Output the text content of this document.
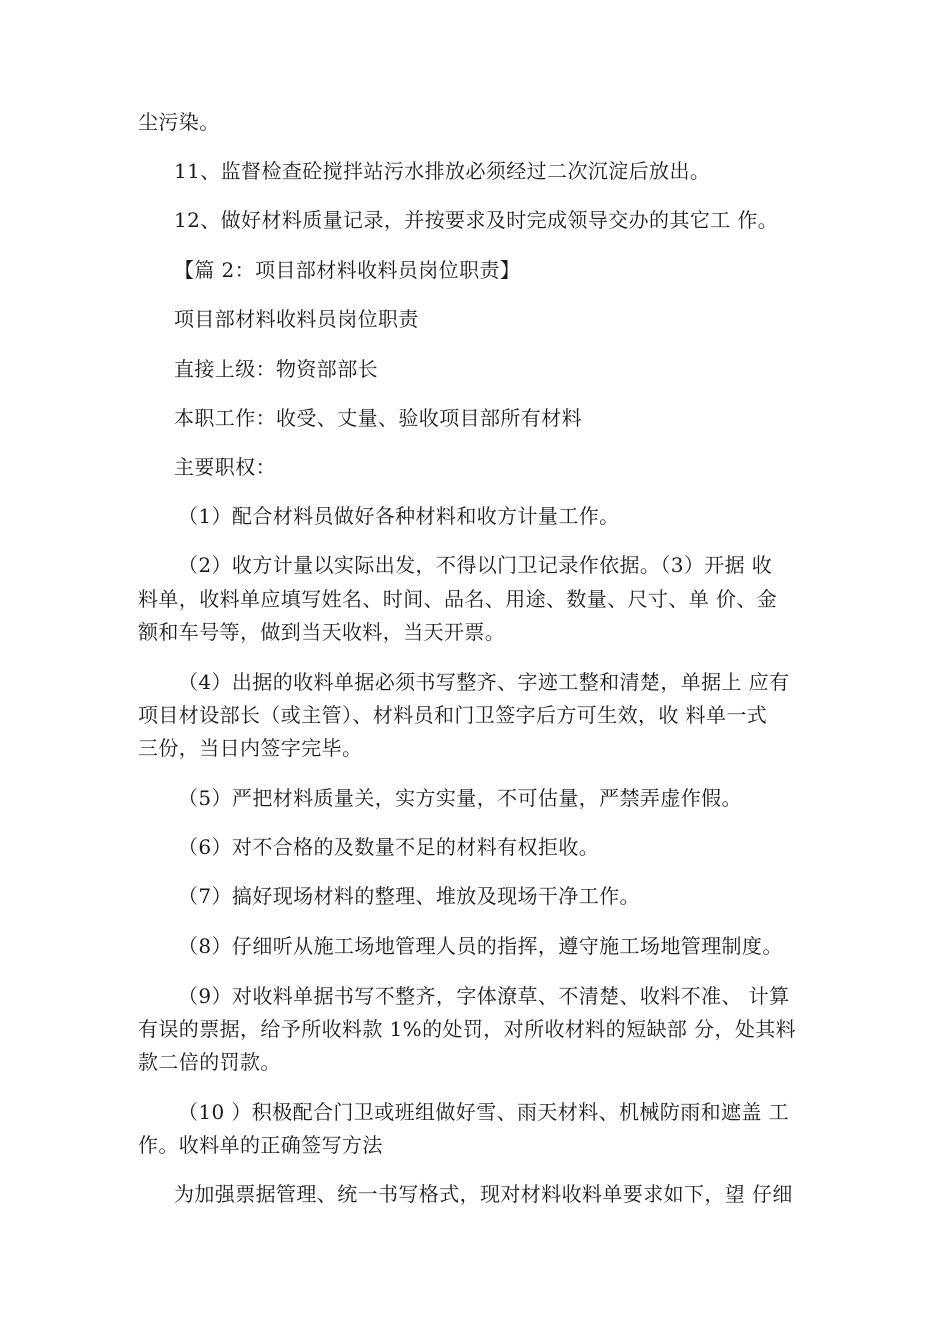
尘污染。
11、监督检查砼搅拌站污水排放必须经过二次沉淀后放出。
12、做好材料质量记录，并按要求及时完成领导交办的其它工 作。
【篇 2：项目部材料收料员岗位职责】
项目部材料收料员岗位职责
直接上级：物资部部长
本职工作：收受、丈量、验收项目部所有材料
主要职权：
（1）配合材料员做好各种材料和收方计量工作。
（2）收方计量以实际出发，不得以门卫记录作依据。（3）开据 收
料单，收料单应填写姓名、时间、品名、用途、数量、尺寸、单 价、金
额和车号等，做到当天收料，当天开票。
（4）出据的收料单据必须书写整齐、字迹工整和清楚，单据上 应有
项目材设部长（或主管）、材料员和门卫签字后方可生效，收 料单一式
三份，当日内签字完毕。
（5）严把材料质量关，实方实量，不可估量，严禁弄虚作假。
（6）对不合格的及数量不足的材料有权拒收。
（7）搞好现场材料的整理、堆放及现场干净工作。
（8）仔细听从施工场地管理人员的指挥，遵守施工场地管理制度。
（9）对收料单据书写不整齐，字体潦草、不清楚、收料不准、 计算
有误的票据，给予所收料款 1%的处罚，对所收材料的短缺部 分，处其料
款二倍的罚款。
（10 ）积极配合门卫或班组做好雪、雨天材料、机械防雨和遮盖 工
作。收料单的正确签写方法
为加强票据管理、统一书写格式，现对材料收料单要求如下，望 仔细
